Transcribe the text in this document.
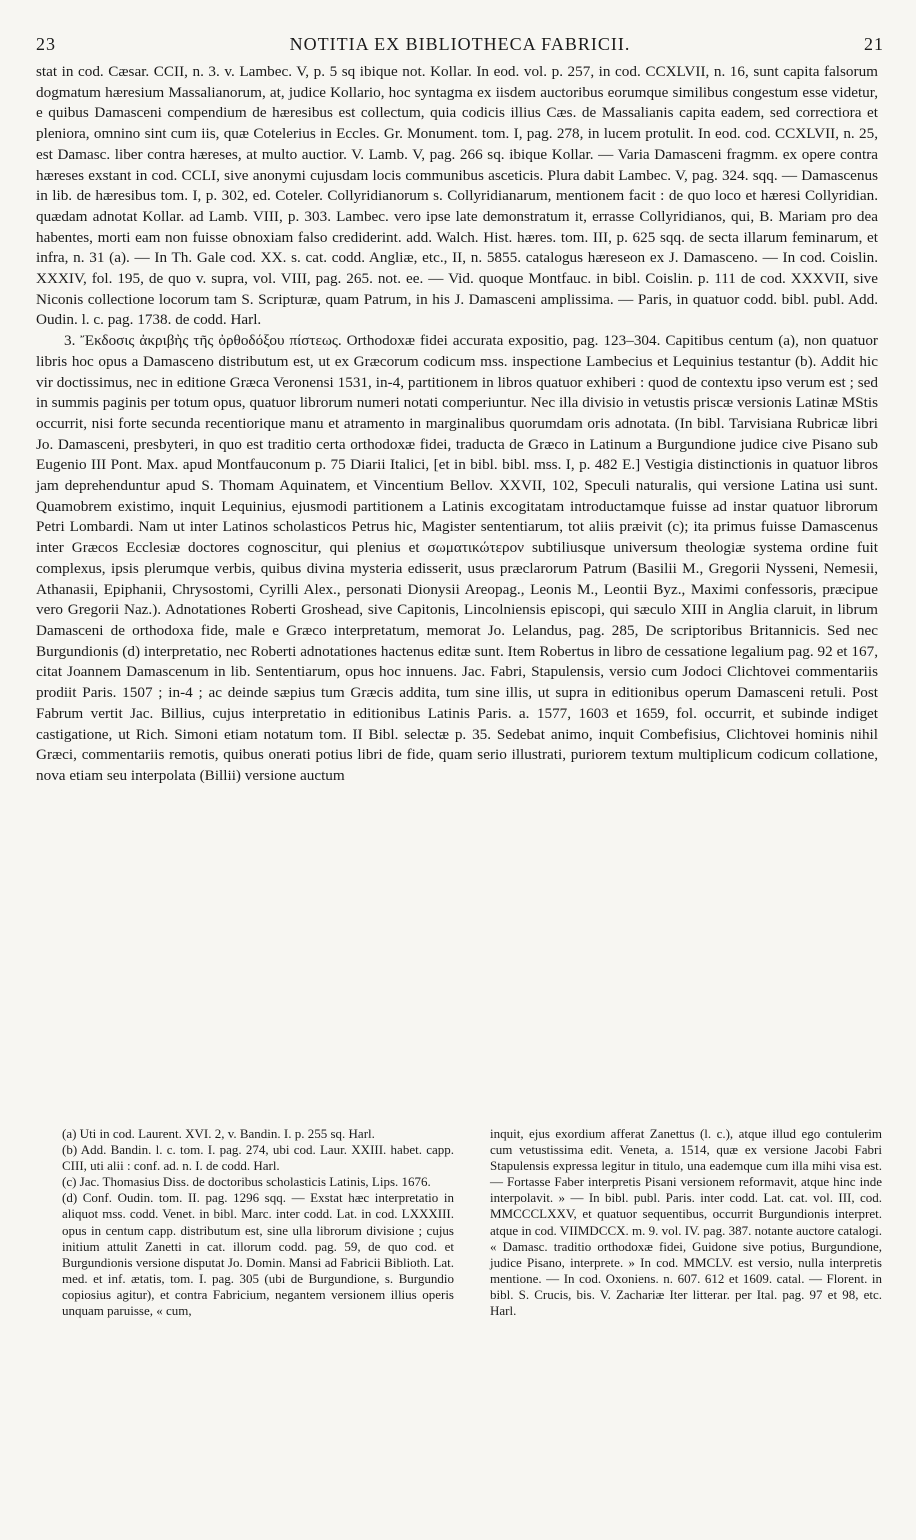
23	NOTITIA EX BIBLIOTHECA FABRICII.	21

stat in cod. Cæsar. CCII, n. 3. v. Lambec. V, p. 5 sq ibique not. Kollar. In eod. vol. p. 257, in cod. CCXLVII, n. 16, sunt capita falsorum dogmatum hæresium Massalianorum, at, judice Kollario, hoc syntagma ex iisdem auctoribus eorumque similibus congestum esse videtur, e quibus Damasceni compendium de hæresibus est collectum, quia codicis illius Cæs. de Massalianis capita eadem, sed correctiora et pleniora, omnino sint cum iis, quæ Cotelerius in Eccles. Gr. Monument. tom. I, pag. 278, in lucem protulit. In eod. cod. CCXLVII, n. 25, est Damasc. liber contra hæreses, at multo auctior. V. Lamb. V, pag. 266 sq. ibique Kollar. — Varia Damasceni fragmm. ex opere contra hæreses exstant in cod. CCLI, sive anonymi cujusdam locis communibus asceticis. Plura dabit Lambec. V, pag. 324. sqq. — Damascenus in lib. de hæresibus tom. I, p. 302, ed. Coteler. Collyridianorum s. Collyridianarum, mentionem facit : de quo loco et hæresi Collyridian. quædam adnotat Kollar. ad Lamb. VIII, p. 303. Lambec. vero ipse late demonstratum it, errasse Collyridianos, qui, B. Mariam pro dea habentes, morti eam non fuisse obnoxiam falso crediderint. add. Walch. Hist. hæres. tom. III, p. 625 sqq. de secta illarum feminarum, et infra, n. 31 (a). — In Th. Gale cod. XX. s. cat. codd. Angliæ, etc., II, n. 5855. catalogus hæreseon ex J. Damasceno. — In cod. Coislin. XXXIV, fol. 195, de quo v. supra, vol. VIII, pag. 265. not. ee. — Vid. quoque Montfauc. in bibl. Coislin. p. 111 de cod. XXXVII, sive Niconis collectione locorum tam S. Scripturæ, quam Patrum, in his J. Damasceni amplissima. — Paris, in quatuor codd. bibl. publ. Add. Oudin. l. c. pag. 1738. de codd. Harl.

3. Ἔκδοσις ἀκριβὴς τῆς ὀρθοδόξου πίστεως. Orthodoxæ fidei accurata expositio, pag. 123–304. Capitibus centum (a), non quatuor libris hoc opus a Damasceno distributum est, ut ex Græcorum codicum mss. inspectione Lambecius et Lequinius testantur (b). Addit hic vir doctissimus, nec in editione Græca Veronensi 1531, in-4, partitionem in libros quatuor exhiberi : quod de contextu ipso verum est ; sed in summis paginis per totum opus, quatuor librorum numeri notati comperiuntur. Nec illa divisio in vetustis priscæ versionis Latinæ MStis occurrit, nisi forte secunda recentiorique manu et atramento in marginalibus quorumdam oris adnotata. (In bibl. Tarvisiana Rubricæ libri Jo. Damasceni, presbyteri, in quo est traditio certa orthodoxæ fidei, traducta de Græco in Latinum a Burgundione judice cive Pisano sub Eugenio III Pont. Max. apud Montfauconum p. 75 Diarii Italici, [et in bibl. bibl. mss. I, p. 482 E.] Vestigia distinctionis in quatuor libros jam deprehenduntur apud S. Thomam Aquinatem, et Vincentium Bellov. XXVII, 102, Speculi naturalis, qui versione Latina usi sunt. Quamobrem existimo, inquit Lequinius, ejusmodi partitionem a Latinis excogitatam introductamque fuisse ad instar quatuor librorum Petri Lombardi. Nam ut inter Latinos scholasticos Petrus hic, Magister sententiarum, tot aliis præivit (c); ita primus fuisse Damascenus inter Græcos Ecclesiæ doctores cognoscitur, qui plenius et σωματικώτερον subtiliusque universum theologiæ systema ordine fuit complexus, ipsis plerumque verbis, quibus divina mysteria edisserit, usus præclarorum Patrum (Basilii M., Gregorii Nysseni, Nemesii, Athanasii, Epiphanii, Chrysostomi, Cyrilli Alex., personati Dionysii Areopag., Leonis M., Leontii Byz., Maximi confessoris, præcipue vero Gregorii Naz.). Adnotationes Roberti Groshead, sive Capitonis, Lincolniensis episcopi, qui sæculo XIII in Anglia claruit, in librum Damasceni de orthodoxa fide, male e Græco interpretatum, memorat Jo. Lelandus, pag. 285, De scriptoribus Britannicis. Sed nec Burgundionis (d) interpretatio, nec Roberti adnotationes hactenus editæ sunt. Item Robertus in libro de cessatione legalium pag. 92 et 167, citat Joannem Damascenum in lib. Sententiarum, opus hoc innuens. Jac. Fabri, Stapulensis, versio cum Jodoci Clichtovei commentariis prodiit Paris. 1507 ; in-4 ; ac deinde sæpius tum Græcis addita, tum sine illis, ut supra in editionibus operum Damasceni retuli. Post Fabrum vertit Jac. Billius, cujus interpretatio in editionibus Latinis Paris. a. 1577, 1603 et 1659, fol. occurrit, et subinde indiget castigatione, ut Rich. Simoni etiam notatum tom. II Bibl. selectæ p. 35. Sedebat animo, inquit Combefisius, Clichtovei hominis nihil Græci, commentariis remotis, quibus onerati potius libri de fide, quam serio illustrati, puriorem textum multiplicum codicum collatione, nova etiam seu interpolata (Billii) versione auctum

(a) Uti in cod. Laurent. XVI. 2, v. Bandin. I. p. 255 sq. Harl.

(b) Add. Bandin. l. c. tom. I. pag. 274, ubi cod. Laur. XXIII. habet. capp. CIII, uti alii : conf. ad. n. I. de codd. Harl.

(c) Jac. Thomasius Diss. de doctoribus scholasticis Latinis, Lips. 1676.

(d) Conf. Oudin. tom. II. pag. 1296 sqq. — Exstat hæc interpretatio in aliquot mss. codd. Venet. in bibl. Marc. inter codd. Lat. in cod. LXXXIII. opus in centum capp. distributum est, sine ulla librorum divisione ; cujus initium attulit Zanetti in cat. illorum codd. pag. 59, de quo cod. et Burgundionis versione disputat Jo. Domin. Mansi ad Fabricii Biblioth. Lat. med. et inf. ætatis, tom. I. pag. 305 (ubi de Burgundione, s. Burgundio copiosius agitur), et contra Fabricium, negantem versionem illius operis unquam paruisse, « cum,

inquit, ejus exordium afferat Zanettus (l. c.), atque illud ego contulerim cum vetustissima edit. Veneta, a. 1514, quæ ex versione Jacobi Fabri Stapulensis expressa legitur in titulo, una eademque cum illa mihi visa est. — Fortasse Faber interpretis Pisani versionem reformavit, atque hinc inde interpolavit. » — In bibl. publ. Paris. inter codd. Lat. cat. vol. III, cod. MMCCCLXXV, et quatuor sequentibus, occurrit Burgundionis interpret. atque in cod. VIIMDCCX. m. 9. vol. IV. pag. 387. notante auctore catalogi. « Damasc. traditio orthodoxæ fidei, Guidone sive potius, Burgundione, judice Pisano, interprete. » In cod. MMCLV. est versio, nulla interpretis mentione. — In cod. Oxoniens. n. 607. 612 et 1609. catal. — Florent. in bibl. S. Crucis, bis. V. Zachariæ Iter litterar. per Ital. pag. 97 et 98, etc. Harl.
